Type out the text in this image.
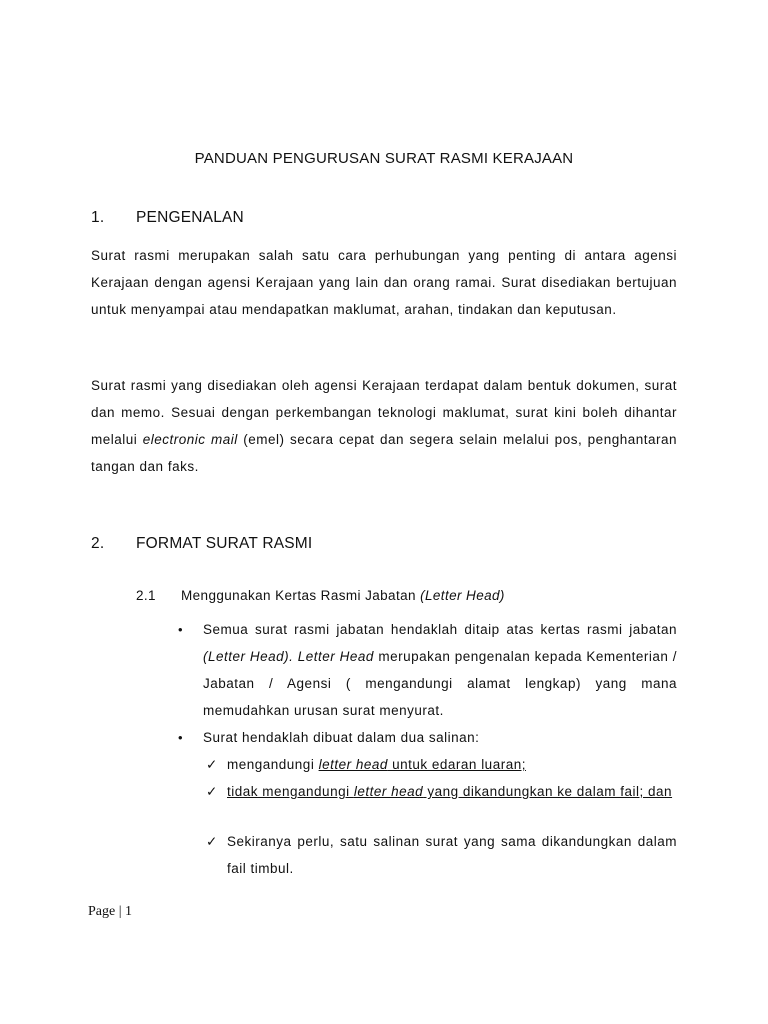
PANDUAN PENGURUSAN SURAT RASMI KERAJAAN
1. PENGENALAN
Surat rasmi merupakan salah satu cara perhubungan yang penting di antara agensi Kerajaan dengan agensi Kerajaan yang lain dan orang ramai. Surat disediakan bertujuan untuk menyampai atau mendapatkan maklumat, arahan, tindakan dan keputusan.
Surat rasmi yang disediakan oleh agensi Kerajaan terdapat dalam bentuk dokumen, surat dan memo. Sesuai dengan perkembangan teknologi maklumat, surat kini boleh dihantar melalui electronic mail (emel) secara cepat dan segera selain melalui pos, penghantaran tangan dan faks.
2. FORMAT SURAT RASMI
2.1 Menggunakan Kertas Rasmi Jabatan (Letter Head)
• Semua surat rasmi jabatan hendaklah ditaip atas kertas rasmi jabatan (Letter Head). Letter Head merupakan pengenalan kepada Kementerian / Jabatan / Agensi ( mengandungi alamat lengkap) yang mana memudahkan urusan surat menyurat.
• Surat hendaklah dibuat dalam dua salinan:
✓ mengandungi letter head untuk edaran luaran;
✓ tidak mengandungi letter head yang dikandungkan ke dalam fail; dan
✓ Sekiranya perlu, satu salinan surat yang sama dikandungkan dalam fail timbul.
Page | 1
